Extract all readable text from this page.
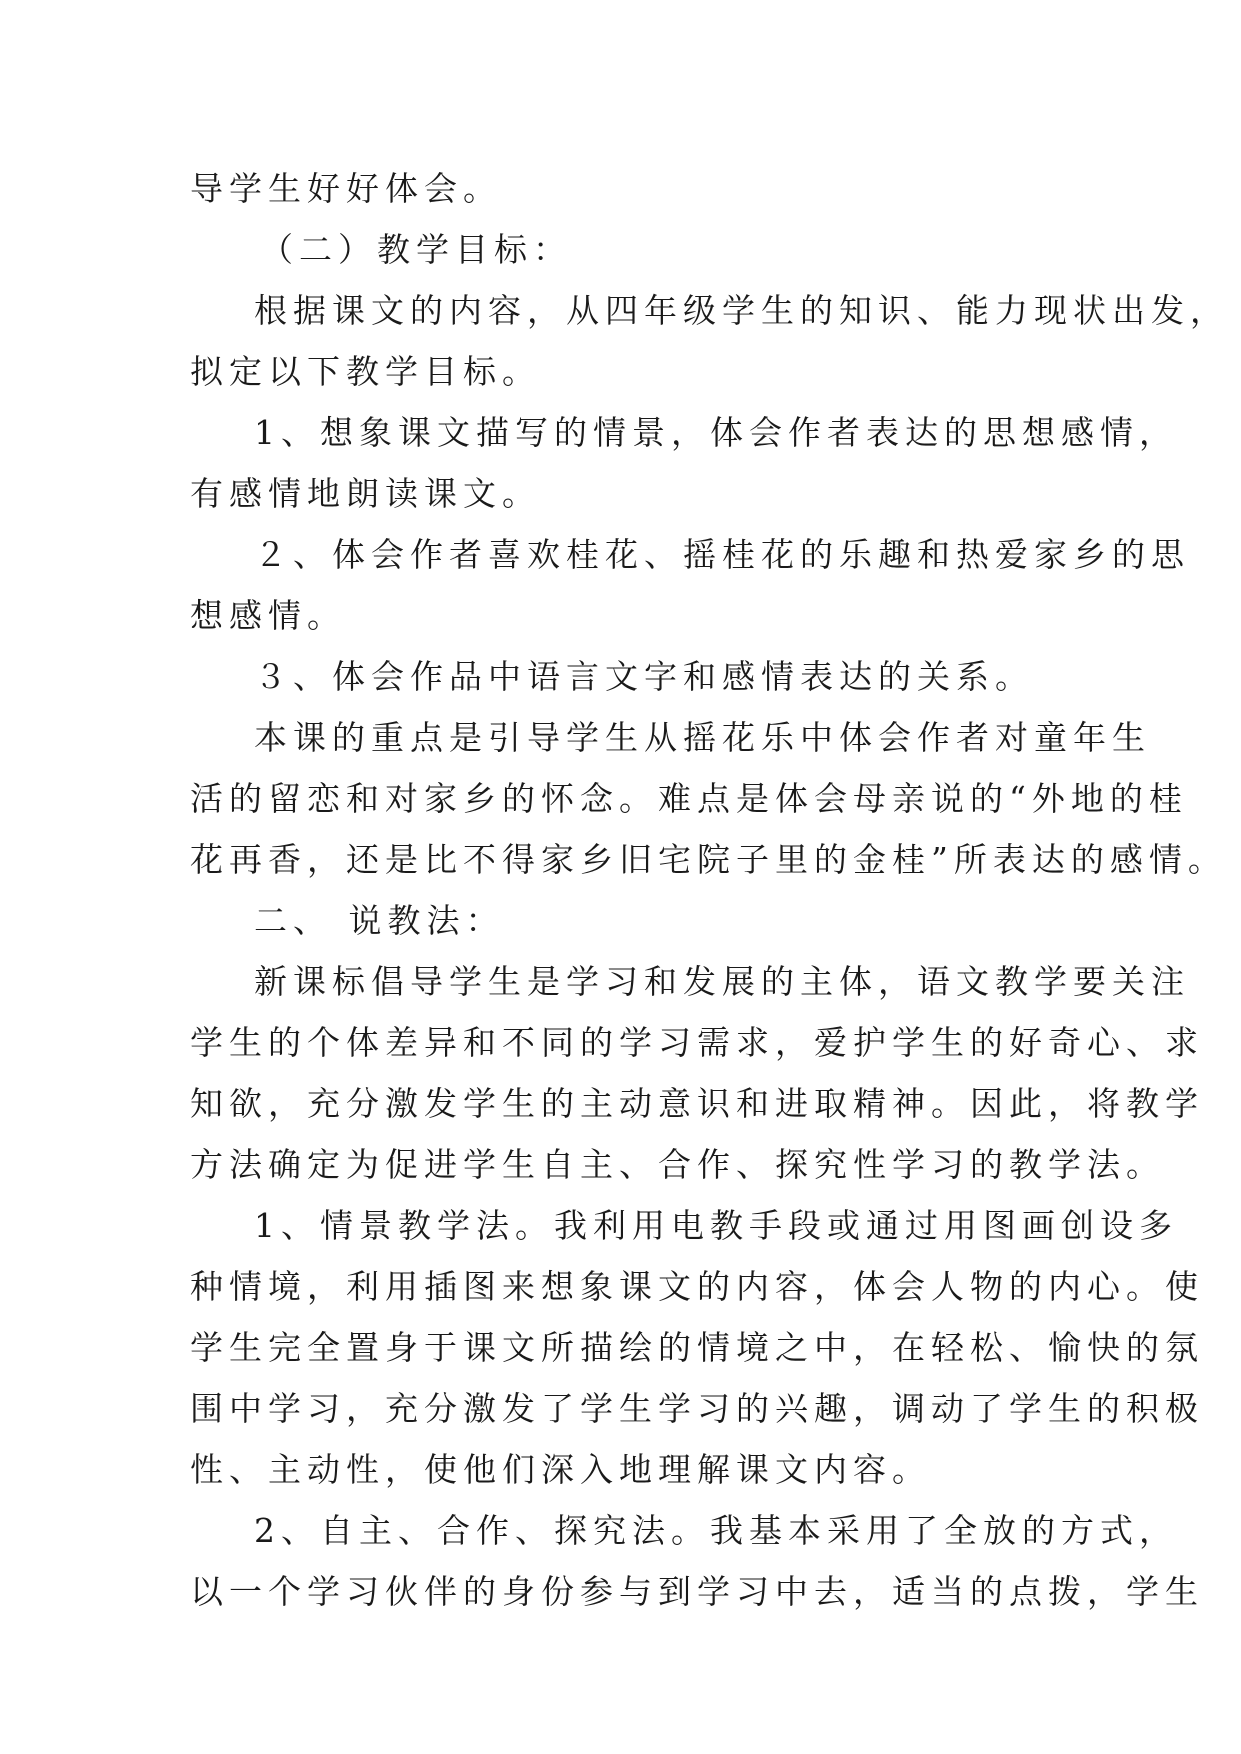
导学生好好体会。
（二）教学目标：
根据课文的内容，从四年级学生的知识、能力现状出发，
拟定以下教学目标。
1、想象课文描写的情景，体会作者表达的思想感情，
有感情地朗读课文。
２、体会作者喜欢桂花、摇桂花的乐趣和热爱家乡的思
想感情。
３、体会作品中语言文字和感情表达的关系。
本课的重点是引导学生从摇花乐中体会作者对童年生
活的留恋和对家乡的怀念。难点是体会母亲说的“外地的桂
花再香，还是比不得家乡旧宅院子里的金桂”所表达的感情。
二、 说教法：
新课标倡导学生是学习和发展的主体，语文教学要关注
学生的个体差异和不同的学习需求，爱护学生的好奇心、求
知欲，充分激发学生的主动意识和进取精神。因此，将教学
方法确定为促进学生自主、合作、探究性学习的教学法。
1、情景教学法。我利用电教手段或通过用图画创设多
种情境，利用插图来想象课文的内容，体会人物的内心。使
学生完全置身于课文所描绘的情境之中，在轻松、愉快的氛
围中学习，充分激发了学生学习的兴趣，调动了学生的积极
性、主动性，使他们深入地理解课文内容。
2、自主、合作、探究法。我基本采用了全放的方式，
以一个学习伙伴的身份参与到学习中去，适当的点拨，学生
